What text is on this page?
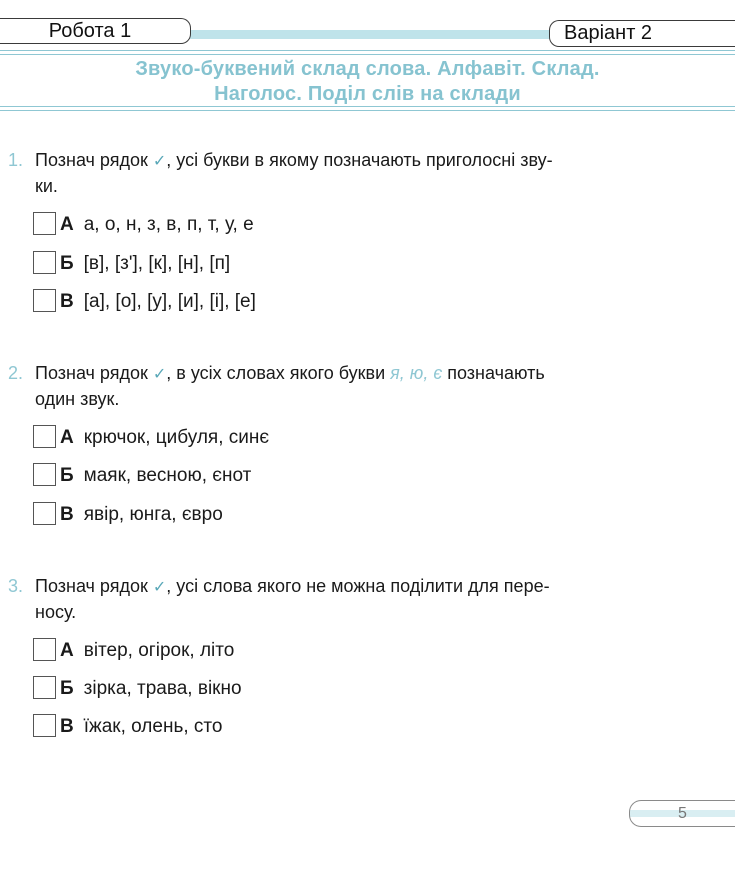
Робота 1	Варіант 2
Звуко-буквений склад слова. Алфавіт. Склад.
Наголос. Поділ слів на склади
1. Познач рядок ✓, усі букви в якому позначають приголосні зву-
ки.
А а, о, н, з, в, п, т, у, е
Б [в], [з'], [к], [н], [п]
В [а], [о], [у], [и], [і], [е]
2. Познач рядок ✓, в усіх словах якого букви я, ю, є позначають
один звук.
А крючок, цибуля, синє
Б маяк, весною, єнот
В явір, юнга, євро
3. Познач рядок ✓, усі слова якого не можна поділити для пере-
носу.
А вітер, огірок, літо
Б зірка, трава, вікно
В їжак, олень, сто
5
